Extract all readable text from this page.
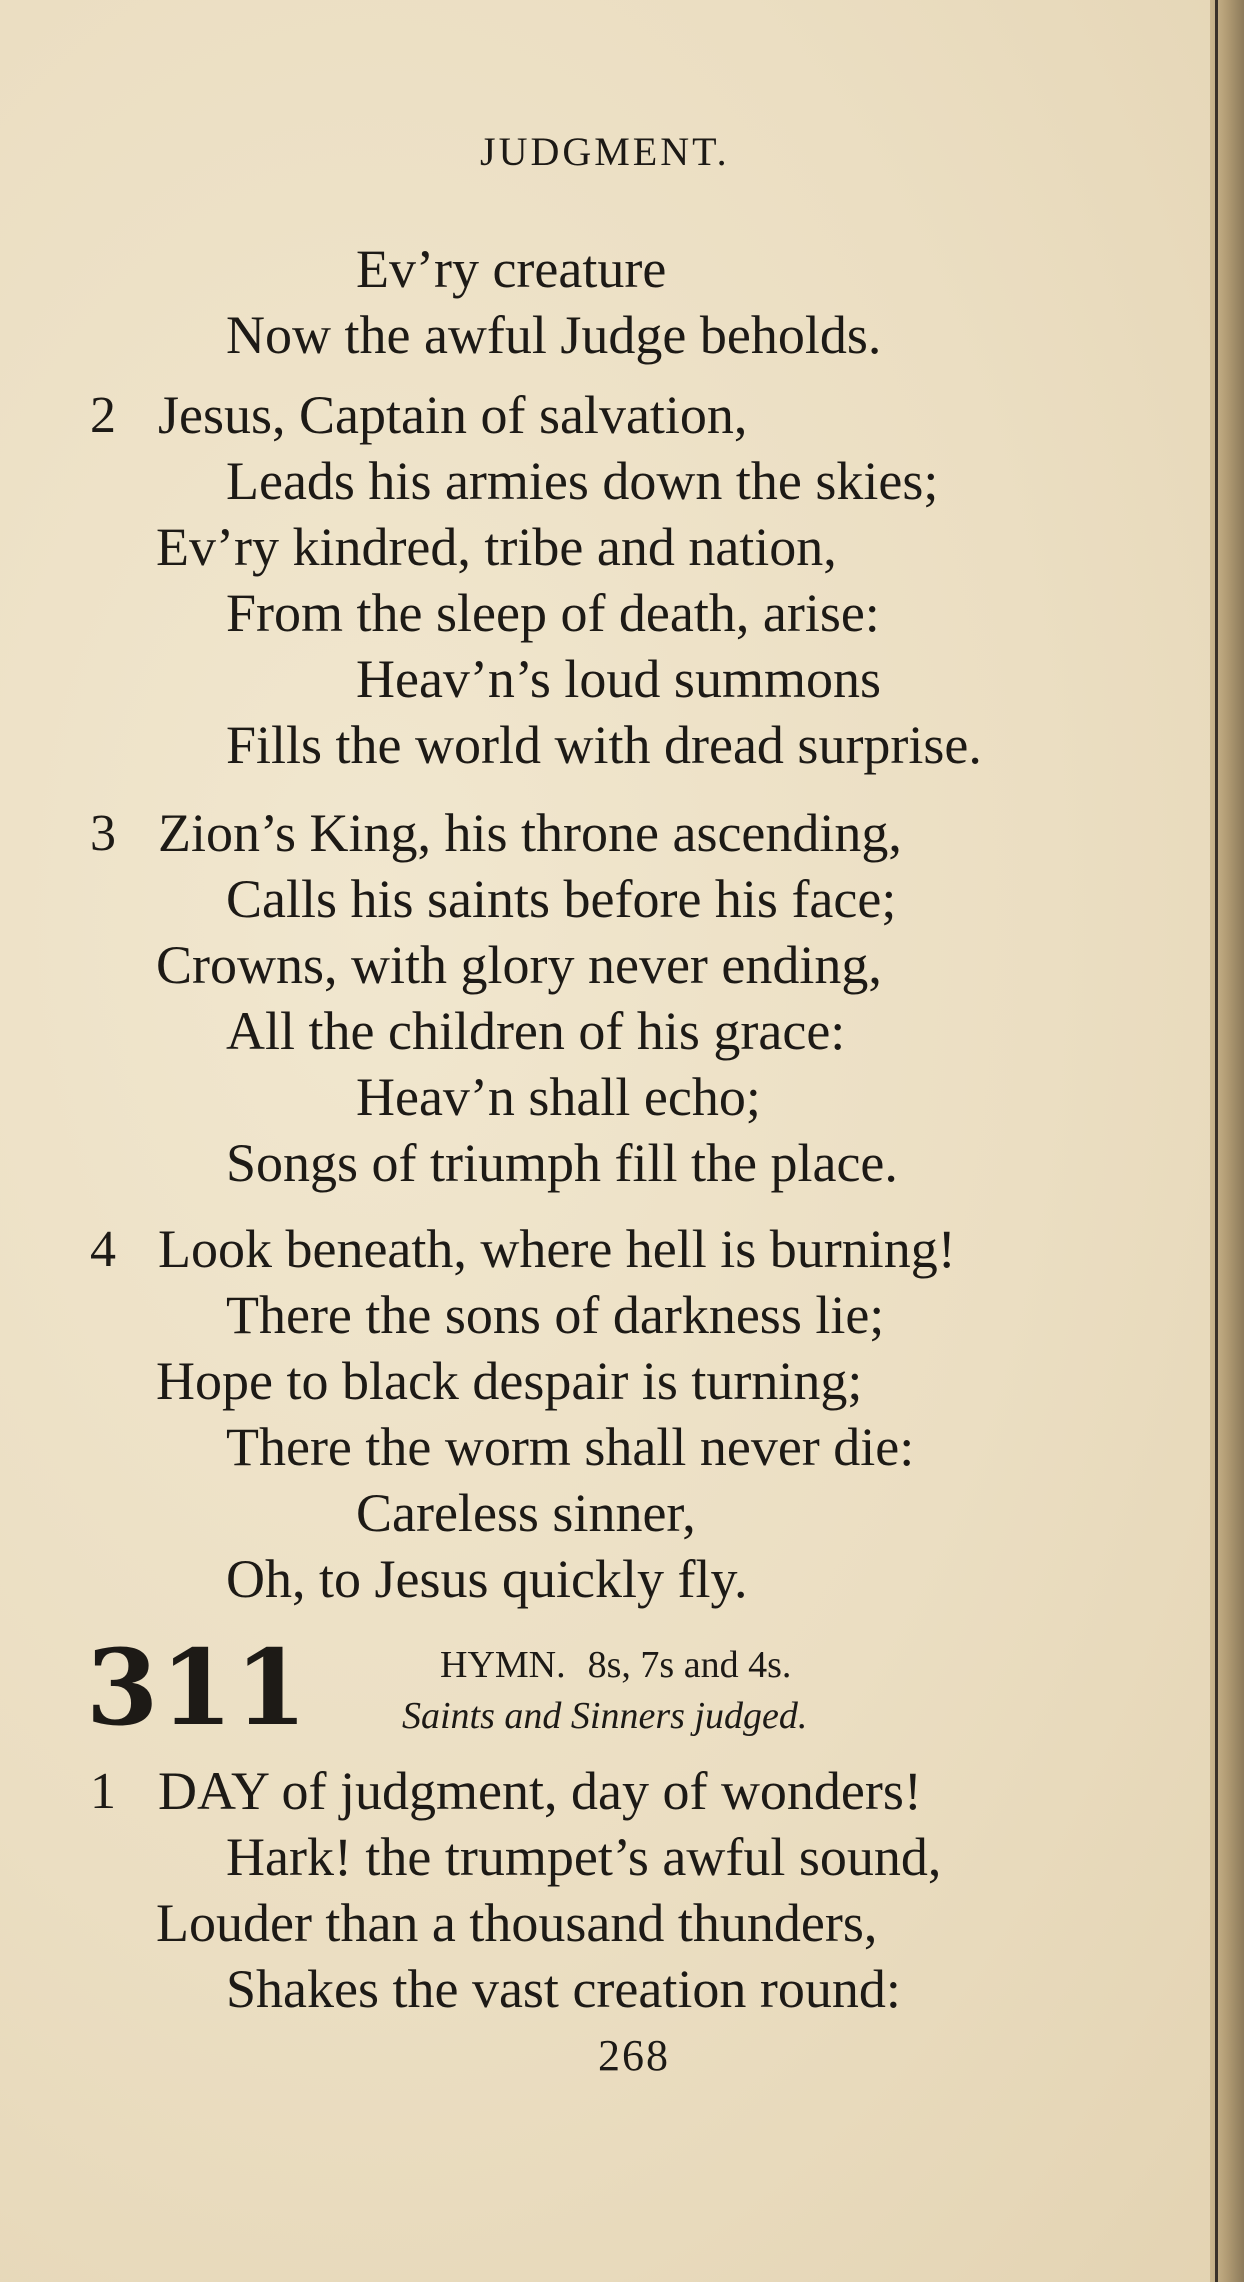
JUDGMENT.
Ev’ry creature
Now the awful Judge beholds.
2 Jesus, Captain of salvation,
Leads his armies down the skies;
Ev’ry kindred, tribe and nation,
From the sleep of death, arise:
Heav’n’s loud summons
Fills the world with dread surprise.
3 Zion’s King, his throne ascending,
Calls his saints before his face;
Crowns, with glory never ending,
All the children of his grace:
Heav’n shall echo;
Songs of triumph fill the place.
4 Look beneath, where hell is burning!
There the sons of darkness lie;
Hope to black despair is turning;
There the worm shall never die:
Careless sinner,
Oh, to Jesus quickly fly.
311	HYMN. 8s, 7s and 4s.
Saints and Sinners judged.
1 DAY of judgment, day of wonders!
Hark! the trumpet’s awful sound,
Louder than a thousand thunders,
Shakes the vast creation round:
268
